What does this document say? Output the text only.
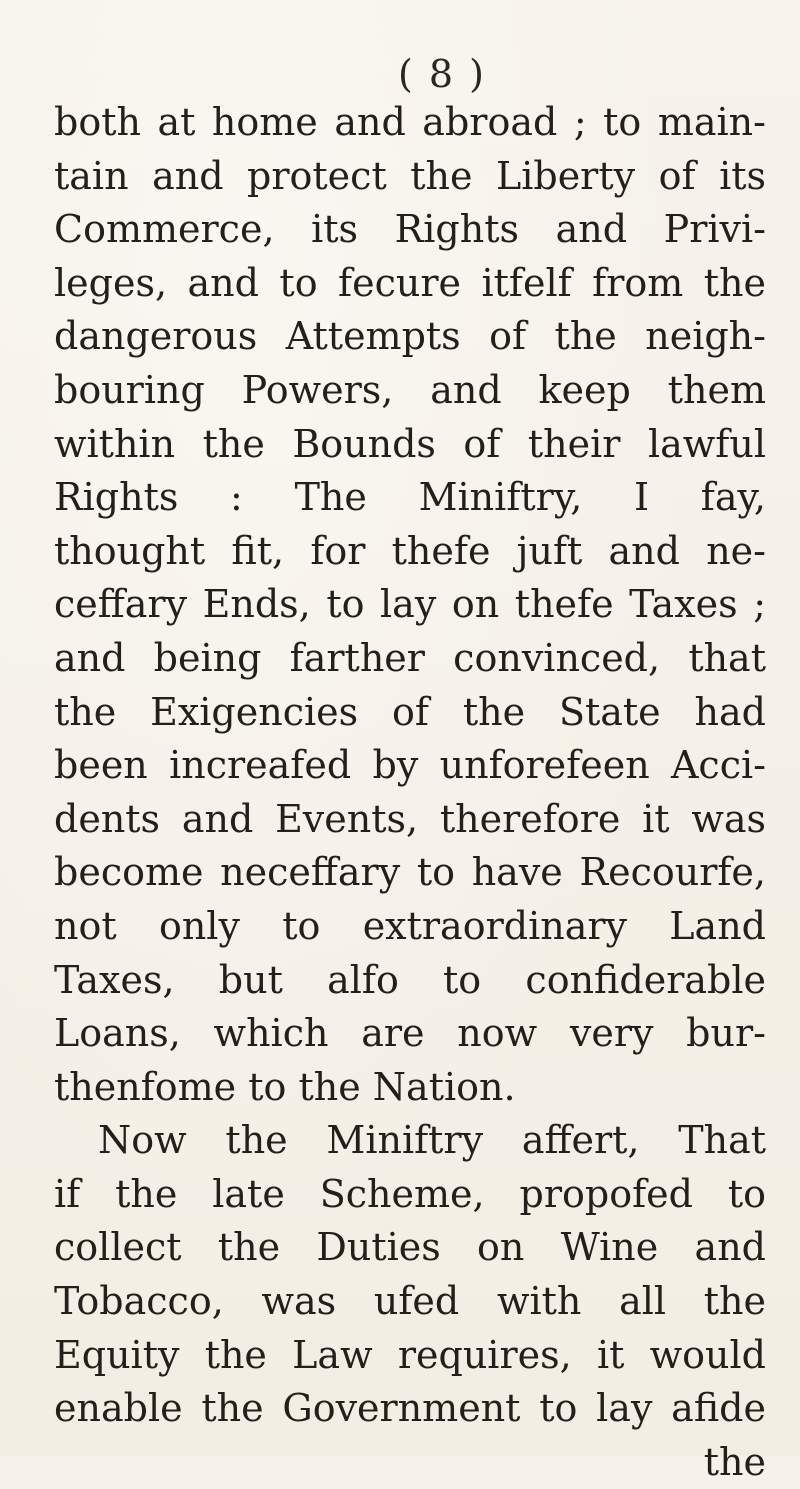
( 8 )
both at home and abroad ; to main-
tain and protect the Liberty of its
Commerce, its Rights and Privi-
leges, and to fecure itfelf from the
dangerous Attempts of the neigh-
bouring Powers, and keep them
within the Bounds of their lawful
Rights : The Miniftry, I fay,
thought fit, for thefe juft and ne-
ceffary Ends, to lay on thefe Taxes ;
and being farther convinced, that
the Exigencies of the State had
been increafed by unforefeen Acci-
dents and Events, therefore it was
become neceffary to have Recourfe,
not only to extraordinary Land
Taxes, but alfo to confiderable
Loans, which are now very bur-
thenfome to the Nation.
Now the Miniftry affert, That
if the late Scheme, propofed to
collect the Duties on Wine and
Tobacco, was ufed with all the
Equity the Law requires, it would
enable the Government to lay afide
the
